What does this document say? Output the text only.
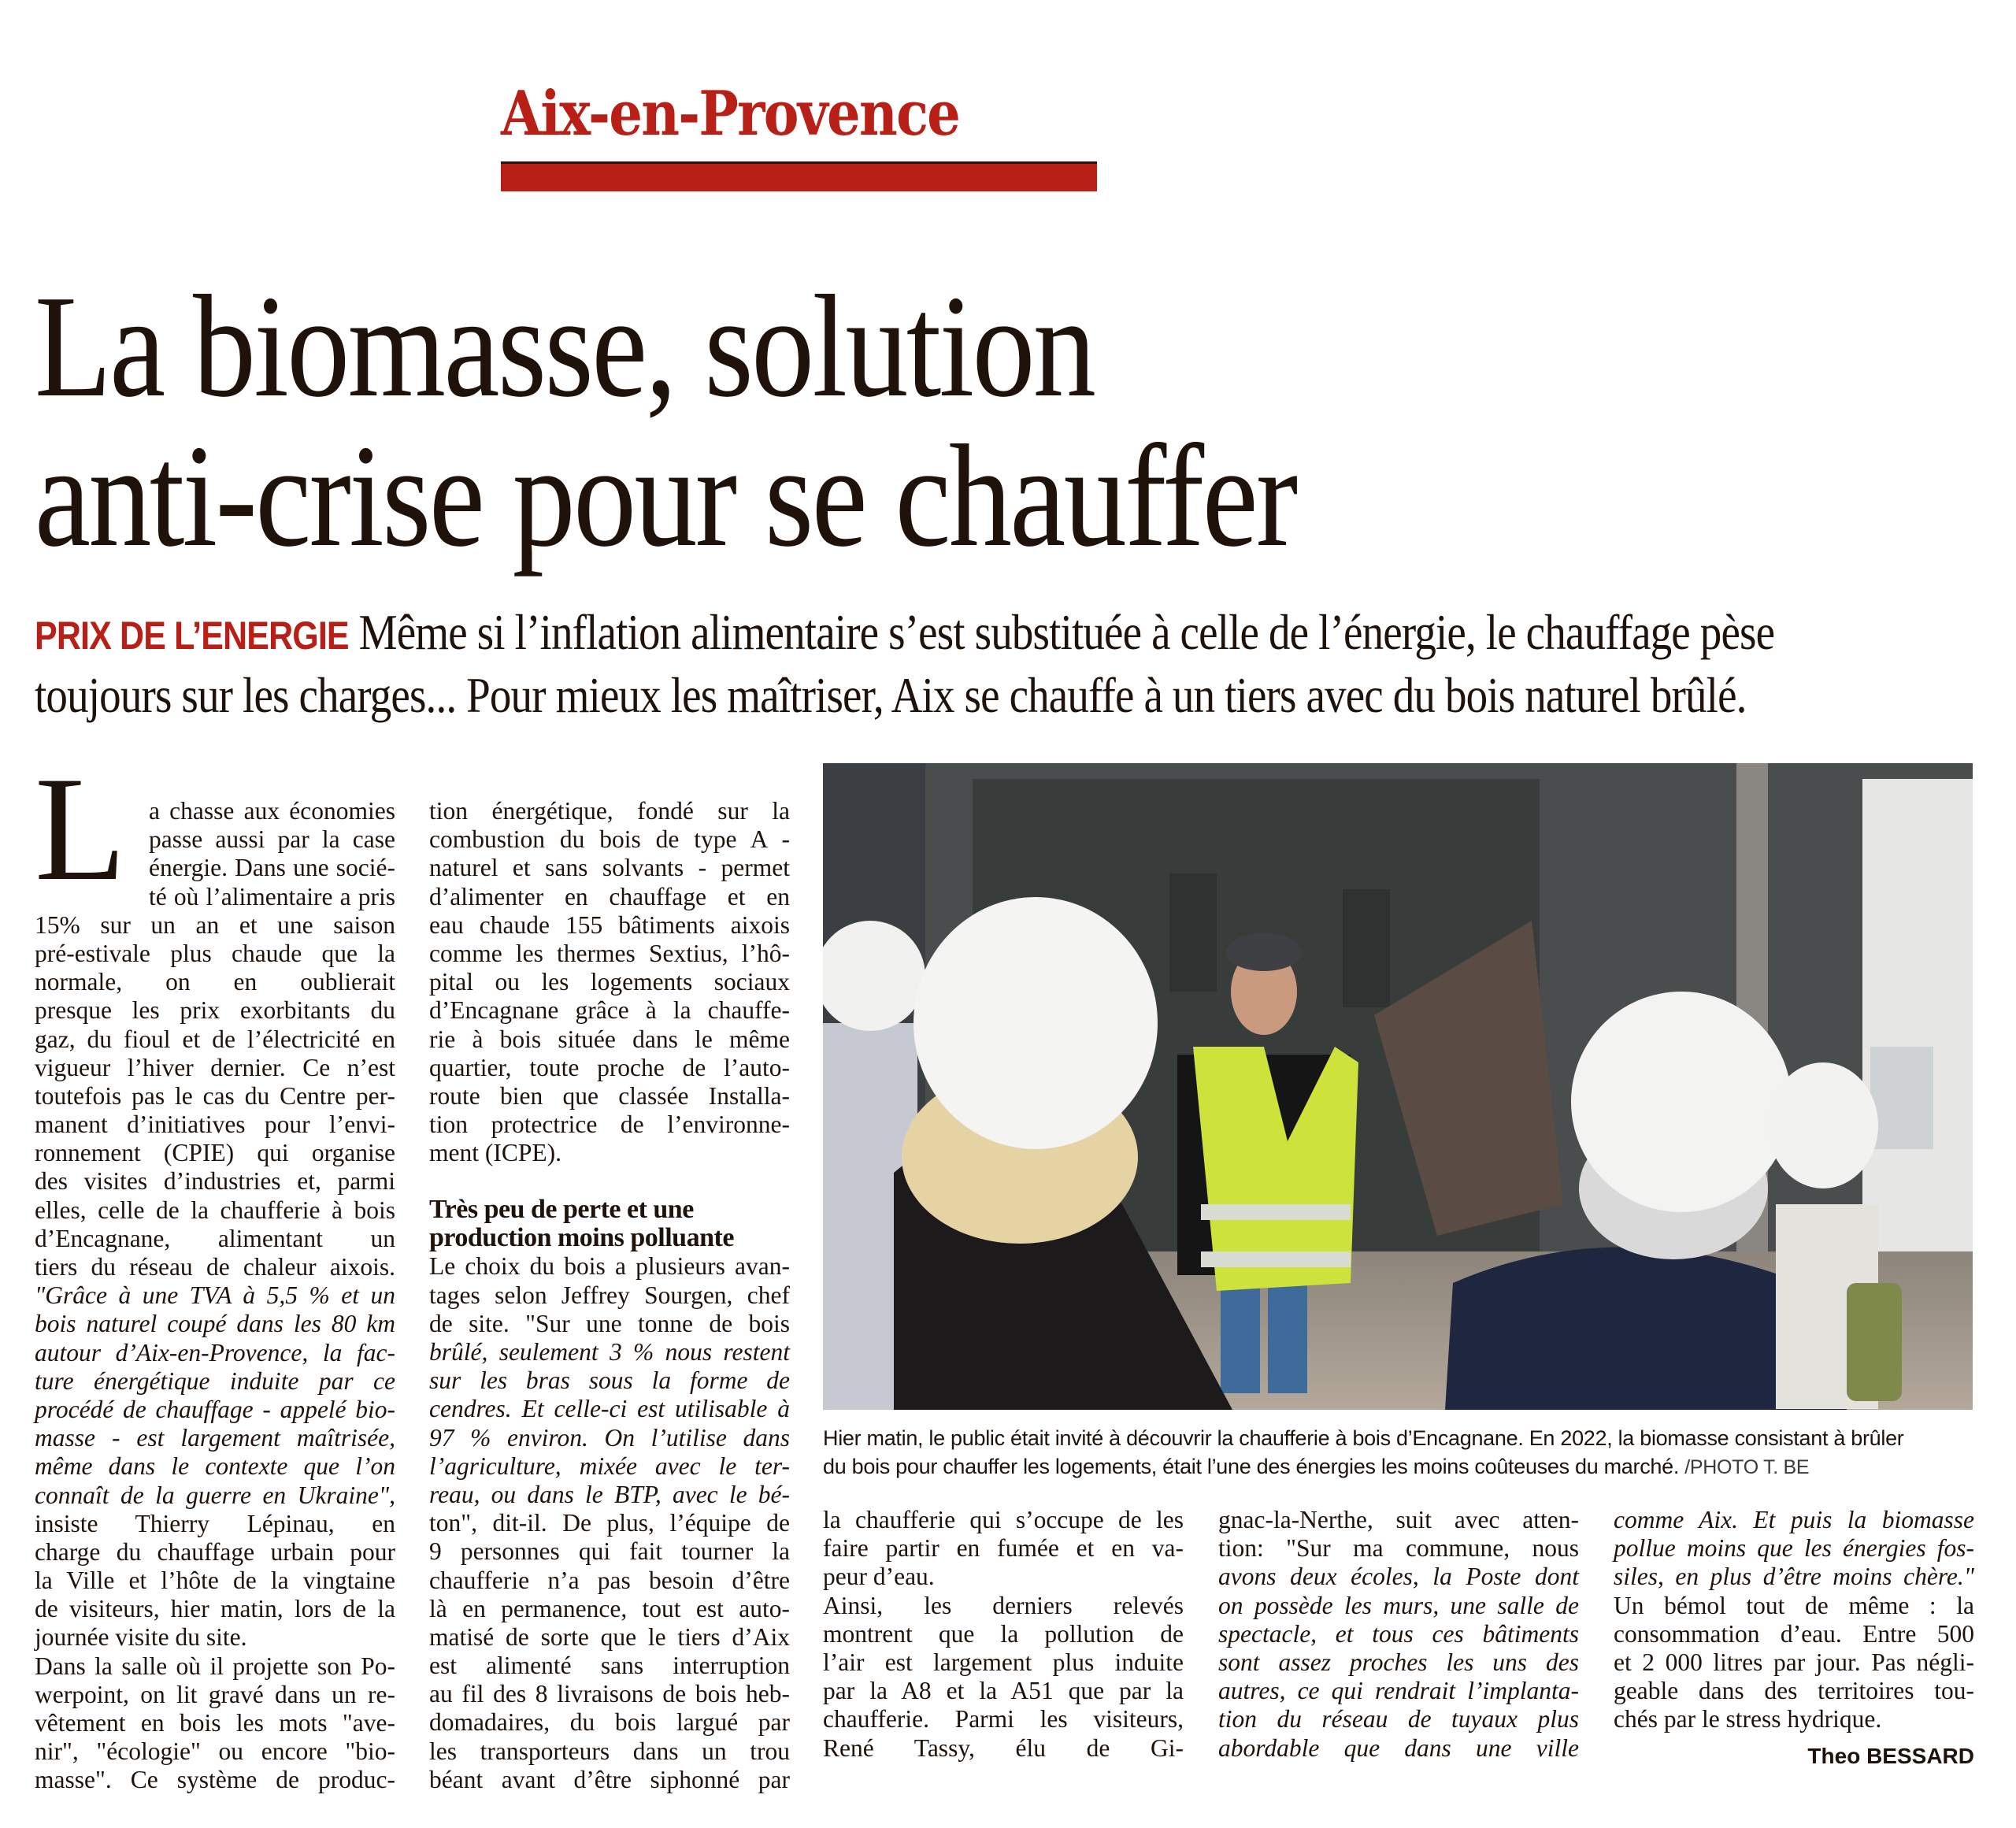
Aix-en-Provence
La biomasse, solution
anti-crise pour se chauffer
PRIX DE L’ENERGIE Même si l’inflation alimentaire s’est substituée à celle de l’énergie, le chauffage pèse
toujours sur les charges... Pour mieux les maîtriser, Aix se chauffe à un tiers avec du bois naturel brûlé.
L a chasse aux économies
passe aussi par la case
énergie. Dans une socié-
té où l’alimentaire a pris
15% sur un an et une saison
pré-estivale plus chaude que la
normale, on en oublierait
presque les prix exorbitants du
gaz, du fioul et de l’électricité en
vigueur l’hiver dernier. Ce n’est
toutefois pas le cas du Centre per-
manent d’initiatives pour l’envi-
ronnement (CPIE) qui organise
des visites d’industries et, parmi
elles, celle de la chaufferie à bois
d’Encagnane, alimentant un
tiers du réseau de chaleur aixois.
"Grâce à une TVA à 5,5 % et un
bois naturel coupé dans les 80 km
autour d’Aix-en-Provence, la fac-
ture énergétique induite par ce
procédé de chauffage - appelé bio-
masse - est largement maîtrisée,
même dans le contexte que l’on
connaît de la guerre en Ukraine",
insiste Thierry Lépinau, en
charge du chauffage urbain pour
la Ville et l’hôte de la vingtaine
de visiteurs, hier matin, lors de la
journée visite du site.
Dans la salle où il projette son Po-
werpoint, on lit gravé dans un re-
vêtement en bois les mots "ave-
nir", "écologie" ou encore "bio-
masse". Ce système de produc-
tion énergétique, fondé sur la
combustion du bois de type A -
naturel et sans solvants - permet
d’alimenter en chauffage et en
eau chaude 155 bâtiments aixois
comme les thermes Sextius, l’hô-
pital ou les logements sociaux
d’Encagnane grâce à la chauffe-
rie à bois située dans le même
quartier, toute proche de l’auto-
route bien que classée Installa-
tion protectrice de l’environne-
ment (ICPE).
Très peu de perte et une
production moins polluante
Le choix du bois a plusieurs avan-
tages selon Jeffrey Sourgen, chef
de site. "Sur une tonne de bois
brûlé, seulement 3 % nous restent
sur les bras sous la forme de
cendres. Et celle-ci est utilisable à
97 % environ. On l’utilise dans
l’agriculture, mixée avec le ter-
reau, ou dans le BTP, avec le bé-
ton", dit-il. De plus, l’équipe de
9 personnes qui fait tourner la
chaufferie n’a pas besoin d’être
là en permanence, tout est auto-
matisé de sorte que le tiers d’Aix
est alimenté sans interruption
au fil des 8 livraisons de bois heb-
domadaires, du bois largué par
les transporteurs dans un trou
béant avant d’être siphonné par
Hier matin, le public était invité à découvrir la chaufferie à bois d’Encagnane. En 2022, la biomasse consistant à brûler
du bois pour chauffer les logements, était l’une des énergies les moins coûteuses du marché. /PHOTO T. BE
la chaufferie qui s’occupe de les
faire partir en fumée et en va-
peur d’eau.
Ainsi, les derniers relevés
montrent que la pollution de
l’air est largement plus induite
par la A8 et la A51 que par la
chaufferie. Parmi les visiteurs,
René Tassy, élu de Gi-
gnac-la-Nerthe, suit avec atten-
tion: "Sur ma commune, nous
avons deux écoles, la Poste dont
on possède les murs, une salle de
spectacle, et tous ces bâtiments
sont assez proches les uns des
autres, ce qui rendrait l’implanta-
tion du réseau de tuyaux plus
abordable que dans une ville
comme Aix. Et puis la biomasse
pollue moins que les énergies fos-
siles, en plus d’être moins chère."
Un bémol tout de même : la
consommation d’eau. Entre 500
et 2 000 litres par jour. Pas négli-
geable dans des territoires tou-
chés par le stress hydrique.
Theo BESSARD
